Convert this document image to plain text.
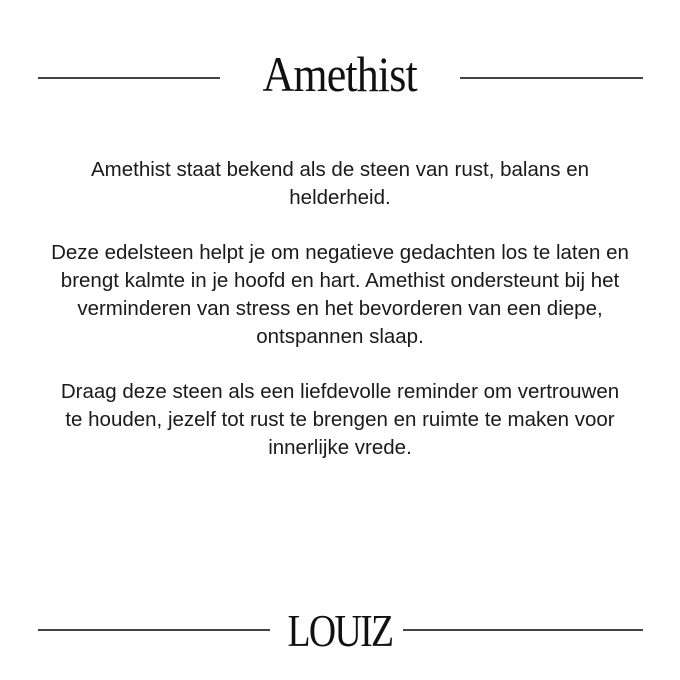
Amethist

Amethist staat bekend als de steen van rust, balans en helderheid.

Deze edelsteen helpt je om negatieve gedachten los te laten en brengt kalmte in je hoofd en hart. Amethist ondersteunt bij het verminderen van stress en het bevorderen van een diepe, ontspannen slaap.

Draag deze steen als een liefdevolle reminder om vertrouwen te houden, jezelf tot rust te brengen en ruimte te maken voor innerlijke vrede.

LOUIZ
